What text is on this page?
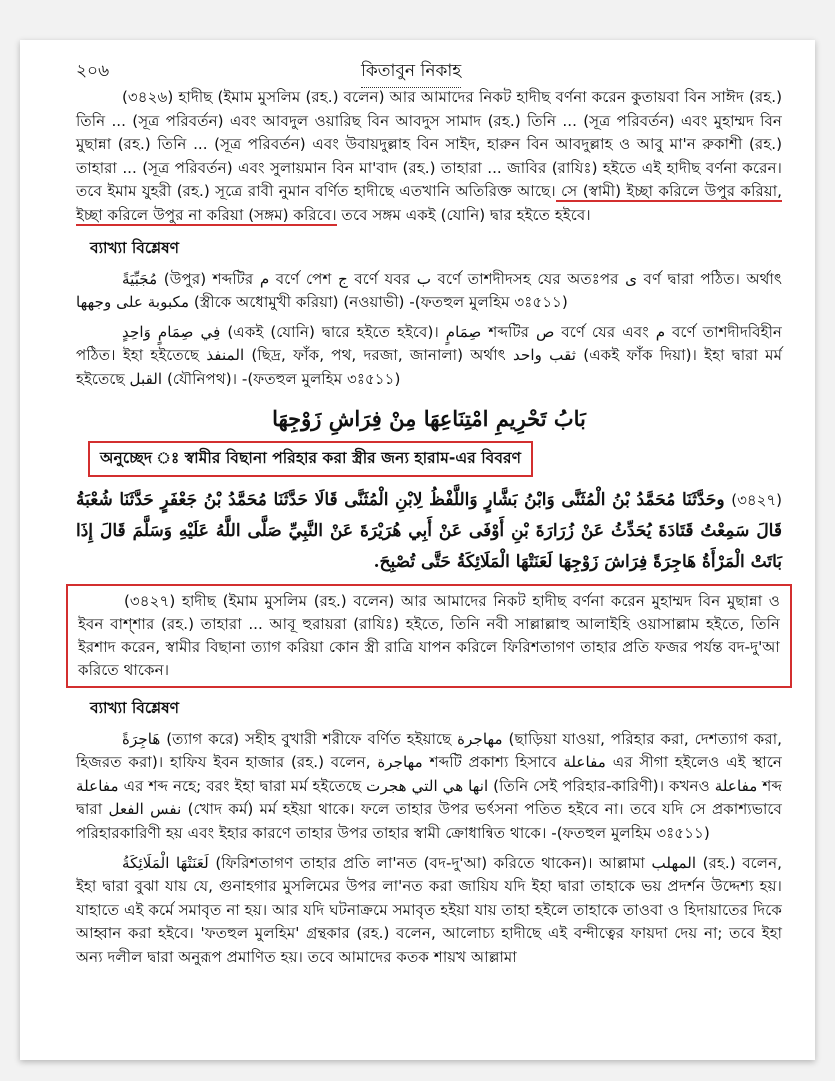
২০৬	কিতাবুন নিকাহ

(৩৪২৬) হাদীছ (ইমাম মুসলিম (রহ.) বলেন) আর আমাদের নিকট হাদীছ বর্ণনা করেন কুতায়বা বিন সাঈদ (রহ.) তিনি ... (সূত্র পরিবর্তন) এবং আবদুল ওয়ারিছ বিন আবদুস সামাদ (রহ.) তিনি ... (সূত্র পরিবর্তন) এবং মুহাম্মদ বিন মুছান্না (রহ.) তিনি ... (সূত্র পরিবর্তন) এবং উবায়দুল্লাহ বিন সাইদ, হারুন বিন আবদুল্লাহ ও আবু মা'ন রুকাশী (রহ.) তাহারা ... (সূত্র পরিবর্তন) এবং সুলায়মান বিন মা'বাদ (রহ.) তাহারা ... জাবির (রাযিঃ) হইতে এই হাদীছ বর্ণনা করেন। তবে ইমাম যুহরী (রহ.) সূত্রে রাবী নুমান বর্ণিত হাদীছে এতখানি অতিরিক্ত আছে। সে (স্বামী) ইচ্ছা করিলে উপুর করিয়া, ইচ্ছা করিলে উপুর না করিয়া (সঙ্গম) করিবে। তবে সঙ্গম একই (যোনি) দ্বার হইতে হইবে।

ব্যাখ্যা বিশ্লেষণ

مُجَبِّيَةً (উপুর) শব্দটির م বর্ণে পেশ ج বর্ণে যবর ب বর্ণে তাশদীদসহ যের অতঃপর ی বর্ণ দ্বারা পঠিত। অর্থাৎ مكبوبة على وجهها (স্ত্রীকে অধোমুখী করিয়া) (নওয়াভী) -(ফতহুল মুলহিম ৩ঃ৫১১)

فِي صِمَامٍ وَاحِدٍ (একই (যোনি) দ্বারে হইতে হইবে)। صِمَامٍ শব্দটির ص বর্ণে যের এবং م বর্ণে তাশদীদবিহীন পঠিত। ইহা হইতেছে المنفذ (ছিদ্র, ফাঁক, পথ, দরজা, জানালা) অর্থাৎ ثقب واحد (একই ফাঁক দিয়া)। ইহা দ্বারা মর্ম হইতেছে القبل (যৌনিপথ)। -(ফতহুল মুলহিম ৩ঃ৫১১)

بَابُ تَحْرِيمِ امْتِنَاعِهَا مِنْ فِرَاشِ زَوْجِهَا
অনুচ্ছেদ ঃ স্বামীর বিছানা পরিহার করা স্ত্রীর জন্য হারাম-এর বিবরণ
(৩৪২৭) وحَدَّثَنَا مُحَمَّدُ بْنُ الْمُثَنَّى وَابْنُ بَشَّارٍ وَاللَّفْظُ لِابْنِ الْمُثَنَّى قَالَا حَدَّثَنَا مُحَمَّدُ بْنُ جَعْفَرٍ حَدَّثَنَا شُعْبَةُ قَالَ سَمِعْتُ قَتَادَةَ يُحَدِّثُ عَنْ زُرَارَةَ بْنِ أَوْفَى عَنْ أَبِي هُرَيْرَةَ عَنْ النَّبِيِّ صَلَّى اللَّهُ عَلَيْهِ وَسَلَّمَ قَالَ إِذَا بَاتَتْ الْمَرْأَةُ هَاجِرَةً فِرَاشَ زَوْجِهَا لَعَنَتْهَا الْمَلَائِكَةُ حَتَّى تُصْبِحَ.

(৩৪২৭) হাদীছ (ইমাম মুসলিম (রহ.) বলেন) আর আমাদের নিকট হাদীছ বর্ণনা করেন মুহাম্মদ বিন মুছান্না ও ইবন বাশ্শার (রহ.) তাহারা ... আবূ হুরায়রা (রাযিঃ) হইতে, তিনি নবী সাল্লাল্লাহু আলাইহি ওয়াসাল্লাম হইতে, তিনি ইরশাদ করেন, স্বামীর বিছানা ত্যাগ করিয়া কোন স্ত্রী রাত্রি যাপন করিলে ফিরিশতাগণ তাহার প্রতি ফজর পর্যন্ত বদ-দু'আ করিতে থাকেন।

ব্যাখ্যা বিশ্লেষণ

هَاجِرَةً (ত্যাগ করে) সহীহ বুখারী শরীফে বর্ণিত হইয়াছে مهاجرة (ছাড়িয়া যাওয়া, পরিহার করা, দেশত্যাগ করা, হিজরত করা)। হাফিয ইবন হাজার (রহ.) বলেন, مهاجرة শব্দটি প্রকাশ্য হিসাবে مفاعلة এর সীগা হইলেও এই স্থানে مفاعلة এর শব্দ নহে; বরং ইহা দ্বারা মর্ম হইতেছে انها هي التي هجرت (তিনি সেই পরিহার-কারিণী)। কখনও مفاعلة শব্দ দ্বারা نفس الفعل (খোদ কর্ম) মর্ম হইয়া থাকে। ফলে তাহার উপর ভর্ৎসনা পতিত হইবে না। তবে যদি সে প্রকাশ্যভাবে পরিহারকারিণী হয় এবং ইহার কারণে তাহার উপর তাহার স্বামী ক্রোধান্বিত থাকে। -(ফতহুল মুলহিম ৩ঃ৫১১)

لَعَنَتْهَا الْمَلَائِكَةُ (ফিরিশতাগণ তাহার প্রতি লা'নত (বদ-দু'আ) করিতে থাকেন)। আল্লামা المهلب (রহ.) বলেন, ইহা দ্বারা বুঝা যায় যে, গুনাহগার মুসলিমের উপর লা'নত করা জায়িয যদি ইহা দ্বারা তাহাকে ভয় প্রদর্শন উদ্দেশ্য হয়। যাহাতে এই কর্মে সমাবৃত না হয়। আর যদি ঘটনাক্রমে সমাবৃত হইয়া যায় তাহা হইলে তাহাকে তাওবা ও হিদায়াতের দিকে আহ্বান করা হইবে। 'ফতহুল মুলহিম' গ্রন্থকার (রহ.) বলেন, আলোচ্য হাদীছে এই বন্দীত্বের ফায়দা দেয় না; তবে ইহা অন্য দলীল দ্বারা অনুরূপ প্রমাণিত হয়। তবে আমাদের কতক শায়খ আল্লামা
